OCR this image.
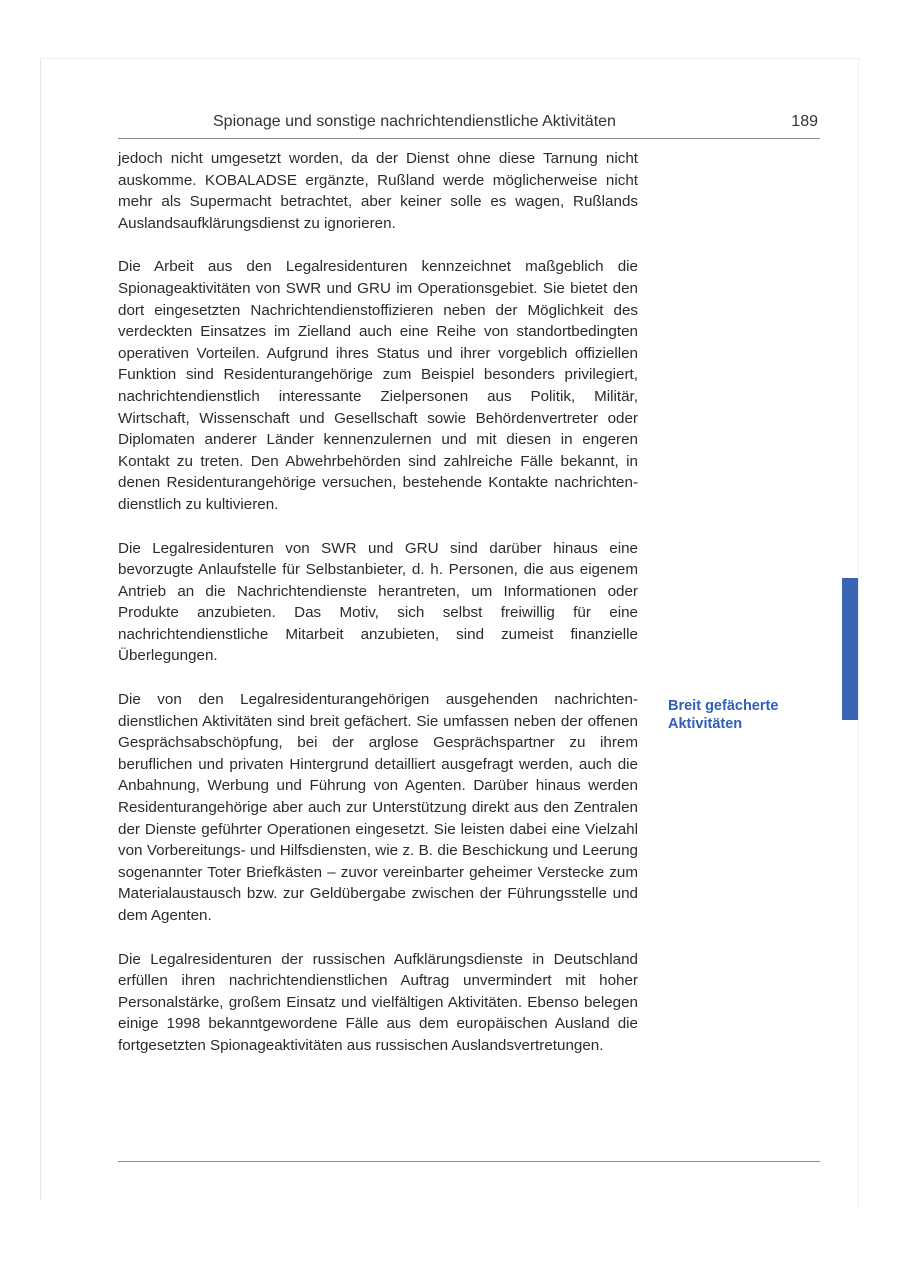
Spionage und sonstige nachrichtendienstliche Aktivitäten	189

jedoch nicht umgesetzt worden, da der Dienst ohne diese Tarnung nicht auskomme. KOBALADSE ergänzte, Rußland werde möglicherweise nicht mehr als Supermacht betrachtet, aber keiner solle es wagen, Rußlands Auslandsaufklärungsdienst zu ignorieren.

Die Arbeit aus den Legalresidenturen kennzeichnet maßgeblich die Spionageaktivitäten von SWR und GRU im Operationsgebiet. Sie bietet den dort eingesetzten Nachrichtendienstoffizieren neben der Möglichkeit des verdeckten Einsatzes im Zielland auch eine Reihe von standortbedingten operativen Vorteilen. Aufgrund ihres Status und ihrer vorgeblich offiziellen Funktion sind Residenturangehörige zum Beispiel besonders privilegiert, nachrichtendienstlich interessante Zielpersonen aus Politik, Militär, Wirtschaft, Wissenschaft und Gesellschaft sowie Behördenvertreter oder Diplomaten anderer Länder kennenzulernen und mit diesen in engeren Kontakt zu treten. Den Abwehrbehörden sind zahlreiche Fälle bekannt, in denen Residenturangehörige versuchen, bestehende Kontakte nachrichtendienstlich zu kultivieren.

Die Legalresidenturen von SWR und GRU sind darüber hinaus eine bevorzugte Anlaufstelle für Selbstanbieter, d. h. Personen, die aus eigenem Antrieb an die Nachrichtendienste herantreten, um Informationen oder Produkte anzubieten. Das Motiv, sich selbst freiwillig für eine nachrichtendienstliche Mitarbeit anzubieten, sind zumeist finanzielle Überlegungen.

Die von den Legalresidenturangehörigen ausgehenden nachrichtendienstlichen Aktivitäten sind breit gefächert. Sie umfassen neben der offenen Gesprächsabschöpfung, bei der arglose Gesprächspartner zu ihrem beruflichen und privaten Hintergrund detailliert ausgefragt werden, auch die Anbahnung, Werbung und Führung von Agenten. Darüber hinaus werden Residenturangehörige aber auch zur Unterstützung direkt aus den Zentralen der Dienste geführter Operationen eingesetzt. Sie leisten dabei eine Vielzahl von Vorbereitungs- und Hilfsdiensten, wie z. B. die Beschickung und Leerung sogenannter Toter Briefkästen – zuvor vereinbarter geheimer Verstecke zum Materialaustausch bzw. zur Geldübergabe zwischen der Führungsstelle und dem Agenten.

Die Legalresidenturen der russischen Aufklärungsdienste in Deutschland erfüllen ihren nachrichtendienstlichen Auftrag unvermindert mit hoher Personalstärke, großem Einsatz und vielfältigen Aktivitäten. Ebenso belegen einige 1998 bekanntgewordene Fälle aus dem europäischen Ausland die fortgesetzten Spionageaktivitäten aus russischen Auslandsvertretungen.

Breit gefächerte
Aktivitäten
